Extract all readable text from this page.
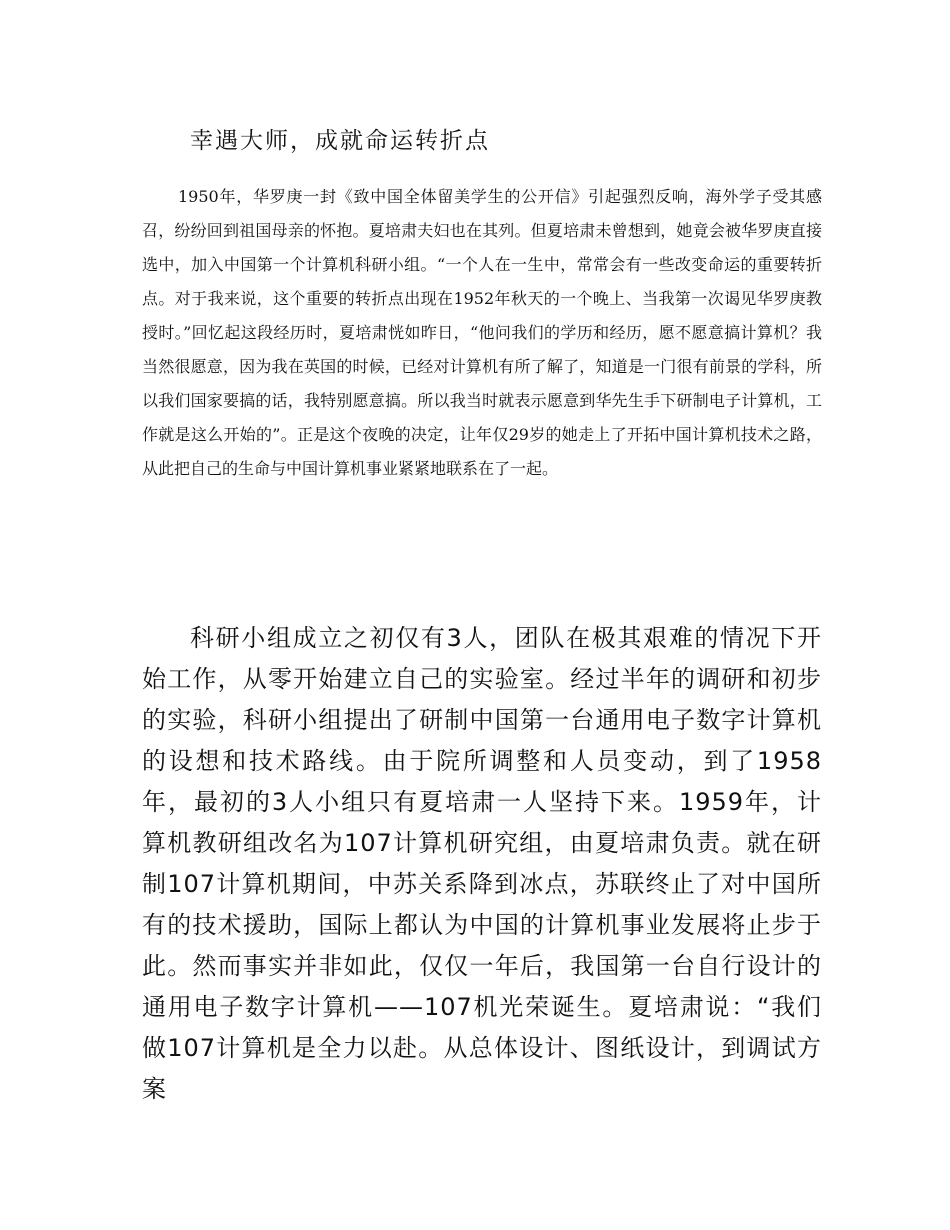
幸遇大师，成就命运转折点

1950年，华罗庚一封《致中国全体留美学生的公开信》引起强烈反响，海外学子受其感召，纷纷回到祖国母亲的怀抱。夏培肃夫妇也在其列。但夏培肃未曾想到，她竟会被华罗庚直接选中，加入中国第一个计算机科研小组。“一个人在一生中，常常会有一些改变命运的重要转折点。对于我来说，这个重要的转折点出现在1952年秋天的一个晚上、当我第一次谒见华罗庚教授时。”回忆起这段经历时，夏培肃恍如昨日，“他问我们的学历和经历，愿不愿意搞计算机？我当然很愿意，因为我在英国的时候，已经对计算机有所了解了，知道是一门很有前景的学科，所以我们国家要搞的话，我特别愿意搞。所以我当时就表示愿意到华先生手下研制电子计算机，工作就是这么开始的”。正是这个夜晚的决定，让年仅29岁的她走上了开拓中国计算机技术之路，从此把自己的生命与中国计算机事业紧紧地联系在了一起。

科研小组成立之初仅有3人，团队在极其艰难的情况下开始工作，从零开始建立自己的实验室。经过半年的调研和初步的实验，科研小组提出了研制中国第一台通用电子数字计算机的设想和技术路线。由于院所调整和人员变动，到了1958年，最初的3人小组只有夏培肃一人坚持下来。1959年，计算机教研组改名为107计算机研究组，由夏培肃负责。就在研制107计算机期间，中苏关系降到冰点，苏联终止了对中国所有的技术援助，国际上都认为中国的计算机事业发展将止步于此。然而事实并非如此，仅仅一年后，我国第一台自行设计的通用电子数字计算机——107机光荣诞生。夏培肃说：“我们做107计算机是全力以赴。从总体设计、图纸设计，到调试方案
